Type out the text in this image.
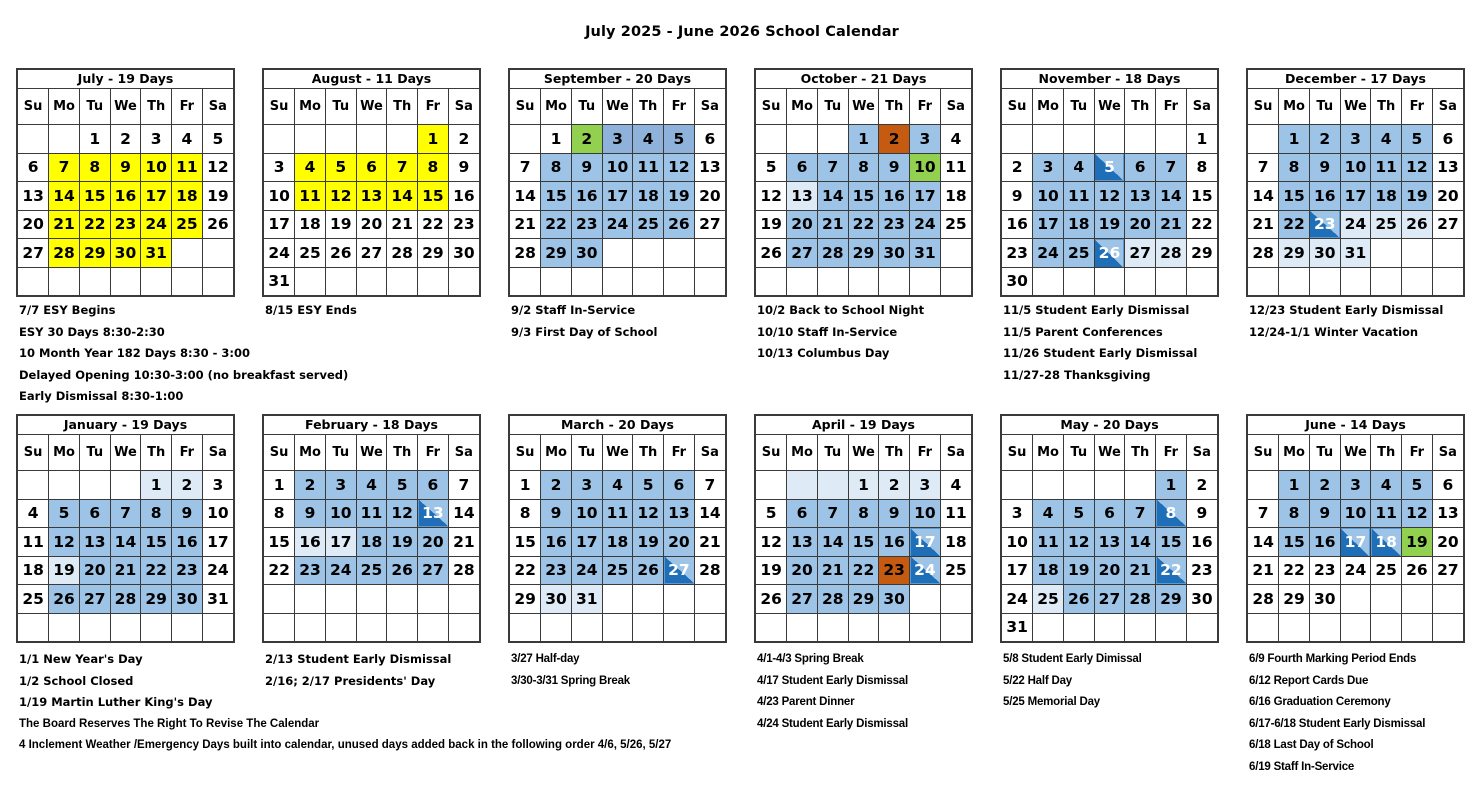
July 2025 - June 2026 School Calendar
July - 19 Days
Su	Mo	Tu	We	Th	Fr	Sa
		1	2	3	4	5
6	7	8	9	10	11	12
13	14	15	16	17	18	19
20	21	22	23	24	25	26
27	28	29	30	31		

7/7 ESY Begins
ESY 30 Days 8:30-2:30
10 Month Year 182 Days 8:30 - 3:00
Delayed Opening 10:30-3:00 (no breakfast served)
Early Dismissal 8:30-1:00
August - 11 Days
Su	Mo	Tu	We	Th	Fr	Sa
					1	2
3	4	5	6	7	8	9
10	11	12	13	14	15	16
17	18	19	20	21	22	23
24	25	26	27	28	29	30
31						
8/15 ESY Ends
September - 20 Days
Su	Mo	Tu	We	Th	Fr	Sa
	1	2	3	4	5	6
7	8	9	10	11	12	13
14	15	16	17	18	19	20
21	22	23	24	25	26	27
28	29	30				

9/2 Staff In-Service
9/3 First Day of School
October - 21 Days
Su	Mo	Tu	We	Th	Fr	Sa
			1	2	3	4
5	6	7	8	9	10	11
12	13	14	15	16	17	18
19	20	21	22	23	24	25
26	27	28	29	30	31	

10/2 Back to School Night
10/10 Staff In-Service
10/13 Columbus Day
November - 18 Days
Su	Mo	Tu	We	Th	Fr	Sa
						1
2	3	4	5	6	7	8
9	10	11	12	13	14	15
16	17	18	19	20	21	22
23	24	25	26	27	28	29
30						
11/5 Student Early Dismissal
11/5 Parent Conferences
11/26 Student Early Dismissal
11/27-28 Thanksgiving
December - 17 Days
Su	Mo	Tu	We	Th	Fr	Sa
	1	2	3	4	5	6
7	8	9	10	11	12	13
14	15	16	17	18	19	20
21	22	23	24	25	26	27
28	29	30	31			

12/23 Student Early Dismissal
12/24-1/1 Winter Vacation
January - 19 Days
Su	Mo	Tu	We	Th	Fr	Sa
				1	2	3
4	5	6	7	8	9	10
11	12	13	14	15	16	17
18	19	20	21	22	23	24
25	26	27	28	29	30	31

1/1 New Year's Day
1/2 School Closed
1/19 Martin Luther King's Day
The Board Reserves The Right To Revise The Calendar
4 Inclement Weather /Emergency Days built into calendar, unused days added back in the following order 4/6, 5/26, 5/27
February - 18 Days
Su	Mo	Tu	We	Th	Fr	Sa
1	2	3	4	5	6	7
8	9	10	11	12	13	14
15	16	17	18	19	20	21
22	23	24	25	26	27	28

2/13 Student Early Dismissal
2/16; 2/17 Presidents' Day
March - 20 Days
Su	Mo	Tu	We	Th	Fr	Sa
1	2	3	4	5	6	7
8	9	10	11	12	13	14
15	16	17	18	19	20	21
22	23	24	25	26	27	28
29	30	31				

3/27 Half-day
3/30-3/31 Spring Break
April - 19 Days
Su	Mo	Tu	We	Th	Fr	Sa
			1	2	3	4
5	6	7	8	9	10	11
12	13	14	15	16	17	18
19	20	21	22	23	24	25
26	27	28	29	30		

4/1-4/3 Spring Break
4/17 Student Early Dismissal
4/23 Parent Dinner
4/24 Student Early Dismissal
May - 20 Days
Su	Mo	Tu	We	Th	Fr	Sa
					1	2
3	4	5	6	7	8	9
10	11	12	13	14	15	16
17	18	19	20	21	22	23
24	25	26	27	28	29	30
31						
5/8 Student Early Dimissal
5/22 Half Day
5/25 Memorial Day
June - 14 Days
Su	Mo	Tu	We	Th	Fr	Sa
	1	2	3	4	5	6
7	8	9	10	11	12	13
14	15	16	17	18	19	20
21	22	23	24	25	26	27
28	29	30				

6/9 Fourth Marking Period Ends
6/12 Report Cards Due
6/16 Graduation Ceremony
6/17-6/18 Student Early Dismissal
6/18 Last Day of School
6/19 Staff In-Service
